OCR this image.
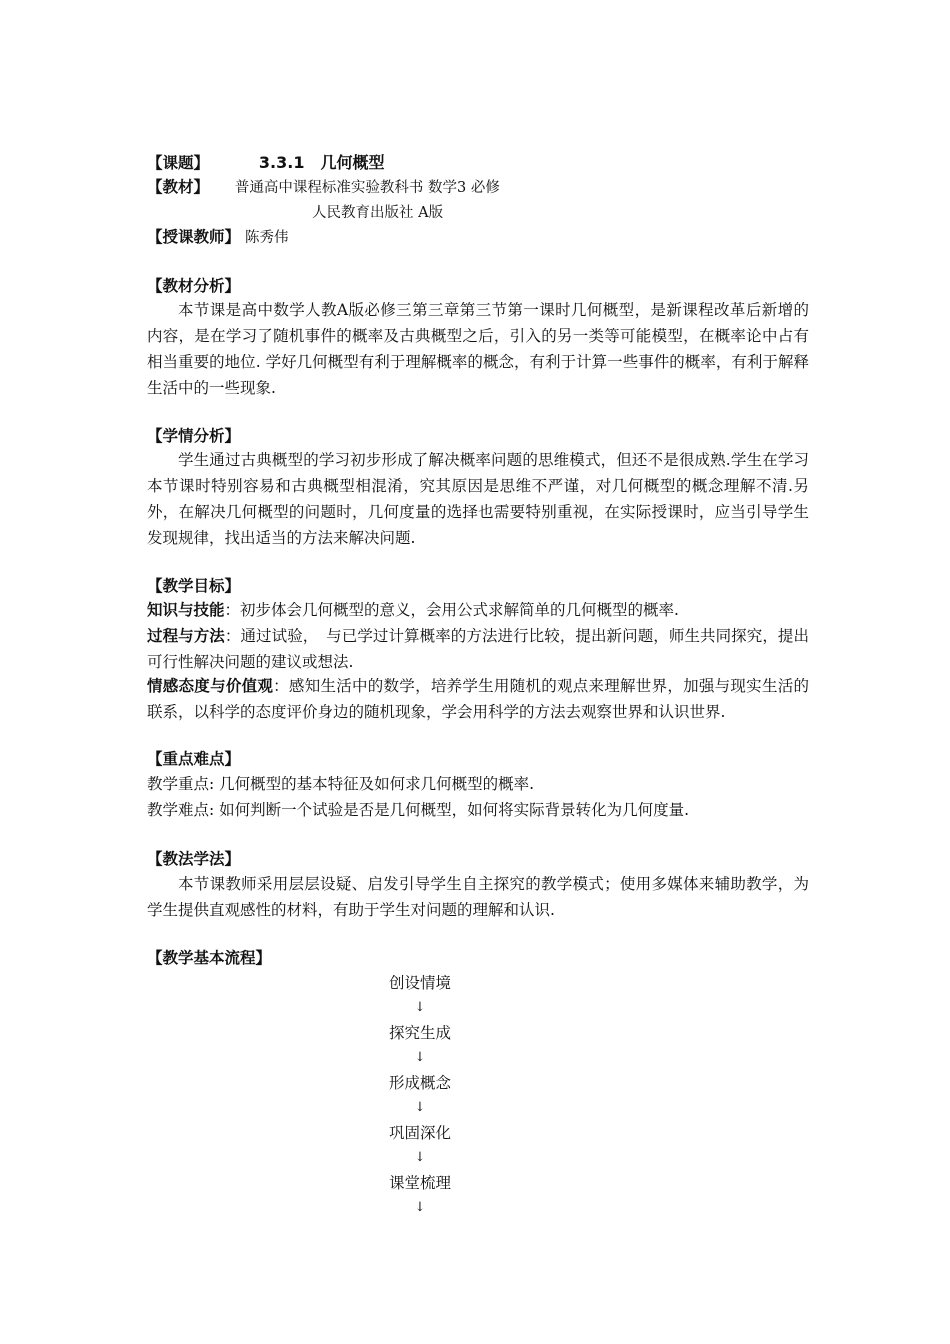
【课题】	3.3.1　几何概型
【教材】 普通高中课程标准实验教科书 数学3 必修
人民教育出版社 A版
【授课教师】 陈秀伟
【教材分析】
本节课是高中数学人教A版必修三第三章第三节第一课时几何概型，是新课程改革后新增的内容，是在学习了随机事件的概率及古典概型之后，引入的另一类等可能模型，在概率论中占有相当重要的地位. 学好几何概型有利于理解概率的概念，有利于计算一些事件的概率，有利于解释生活中的一些现象.
【学情分析】
学生通过古典概型的学习初步形成了解决概率问题的思维模式，但还不是很成熟.学生在学习本节课时特别容易和古典概型相混淆，究其原因是思维不严谨，对几何概型的概念理解不清.另外，在解决几何概型的问题时，几何度量的选择也需要特别重视，在实际授课时，应当引导学生发现规律，找出适当的方法来解决问题.
【教学目标】
知识与技能：初步体会几何概型的意义，会用公式求解简单的几何概型的概率.
过程与方法：通过试验，　与已学过计算概率的方法进行比较，提出新问题，师生共同探究，提出可行性解决问题的建议或想法.
情感态度与价值观：感知生活中的数学，培养学生用随机的观点来理解世界，加强与现实生活的联系，以科学的态度评价身边的随机现象，学会用科学的方法去观察世界和认识世界.
【重点难点】
教学重点: 几何概型的基本特征及如何求几何概型的概率.
教学难点: 如何判断一个试验是否是几何概型，如何将实际背景转化为几何度量.
【教法学法】
本节课教师采用层层设疑、启发引导学生自主探究的教学模式；使用多媒体来辅助教学，为学生提供直观感性的材料，有助于学生对问题的理解和认识.
【教学基本流程】
创设情境
↓
探究生成
↓
形成概念
↓
巩固深化
↓
课堂梳理
↓
